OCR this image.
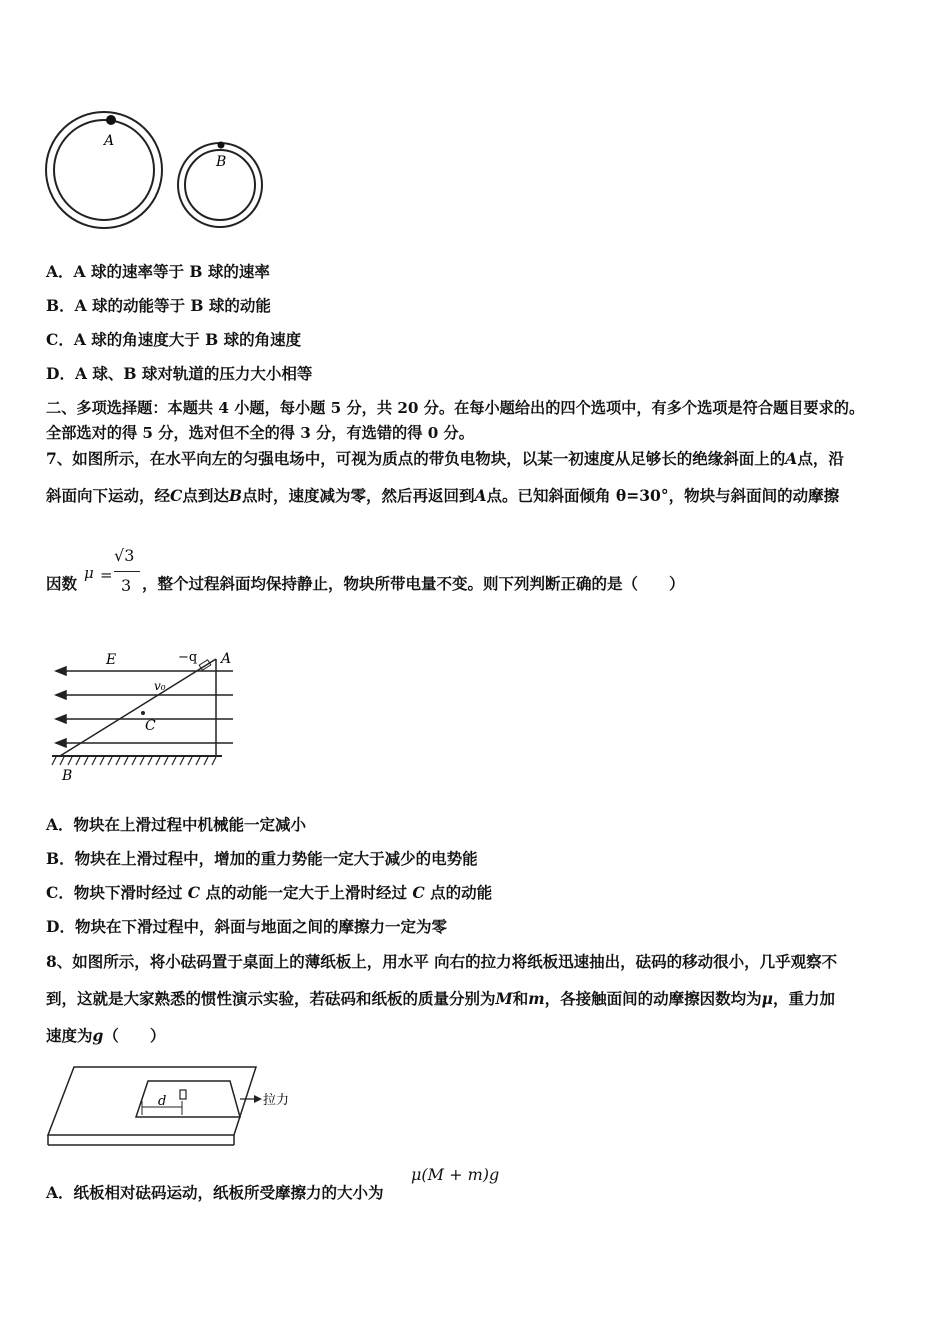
A
B
A．A 球的速率等于 B 球的速率
B．A 球的动能等于 B 球的动能
C．A 球的角速度大于 B 球的角速度
D．A 球、B 球对轨道的压力大小相等
二、多项选择题：本题共 4 小题，每小题 5 分，共 20 分。在每小题给出的四个选项中，有多个选项是符合题目要求的。
全部选对的得 5 分，选对但不全的得 3 分，有选错的得 0 分。
7、如图所示，在水平向左的匀强电场中，可视为质点的带负电物块，以某一初速度从足够长的绝缘斜面上的A点，沿
斜面向下运动，经C点到达B点时，速度减为零，然后再返回到A点。已知斜面倾角 θ=30°，物块与斜面间的动摩擦
因数
μ =
√3
3 ，整个过程斜面均保持静止，物块所带电量不变。则下列判断正确的是（　　）
E	−q A
v₀
C
B
A．物块在上滑过程中机械能一定减小
B．物块在上滑过程中，增加的重力势能一定大于减少的电势能
C．物块下滑时经过 C 点的动能一定大于上滑时经过 C 点的动能
D．物块在下滑过程中，斜面与地面之间的摩擦力一定为零
8、如图所示，将小砝码置于桌面上的薄纸板上，用水平 向右的拉力将纸板迅速抽出，砝码的移动很小，几乎观察不
到，这就是大家熟悉的惯性演示实验，若砝码和纸板的质量分别为M和m，各接触面间的动摩擦因数均为μ，重力加
速度为g（　　）
d	拉力
A．纸板相对砝码运动，纸板所受摩擦力的大小为
μ(M + m)g
